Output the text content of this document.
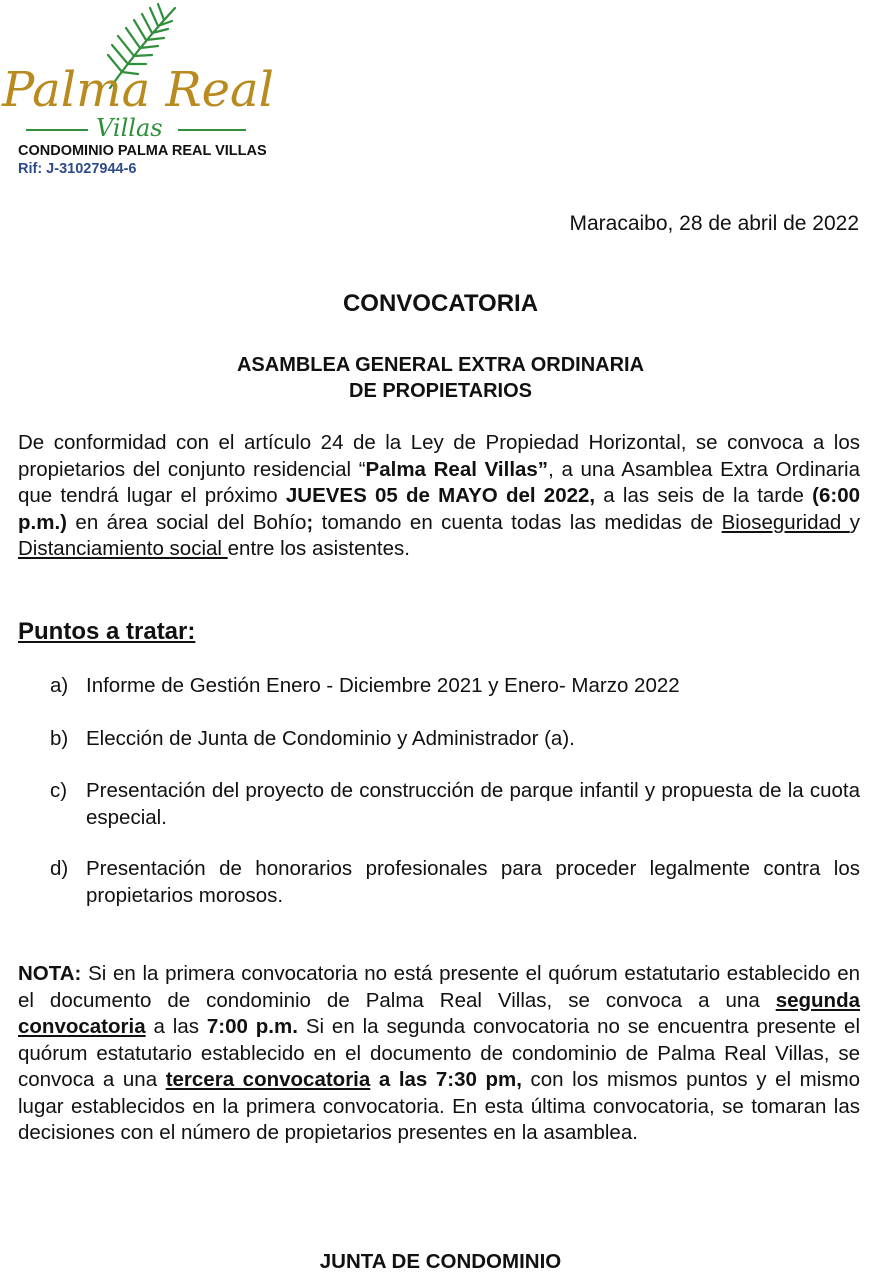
Palma Real
Villas
CONDOMINIO PALMA REAL VILLAS
Rif: J-31027944-6
Maracaibo, 28 de abril de 2022
CONVOCATORIA
ASAMBLEA GENERAL EXTRA ORDINARIA
DE PROPIETARIOS
De conformidad con el artículo 24 de la Ley de Propiedad Horizontal, se convoca a los propietarios del conjunto residencial “Palma Real Villas”, a una Asamblea Extra Ordinaria que tendrá lugar el próximo JUEVES 05 de MAYO del 2022, a las seis de la tarde (6:00 p.m.) en área social del Bohío; tomando en cuenta todas las medidas de Bioseguridad y Distanciamiento social entre los asistentes.
Puntos a tratar:
a) Informe de Gestión Enero - Diciembre 2021 y Enero- Marzo 2022
b) Elección de Junta de Condominio y Administrador (a).
c) Presentación del proyecto de construcción de parque infantil y propuesta de la cuota especial.
d) Presentación de honorarios profesionales para proceder legalmente contra los propietarios morosos.
NOTA: Si en la primera convocatoria no está presente el quórum estatutario establecido en el documento de condominio de Palma Real Villas, se convoca a una segunda convocatoria a las 7:00 p.m. Si en la segunda convocatoria no se encuentra presente el quórum estatutario establecido en el documento de condominio de Palma Real Villas, se convoca a una tercera convocatoria a las 7:30 pm, con los mismos puntos y el mismo lugar establecidos en la primera convocatoria. En esta última convocatoria, se tomaran las decisiones con el número de propietarios presentes en la asamblea.
JUNTA DE CONDOMINIO
